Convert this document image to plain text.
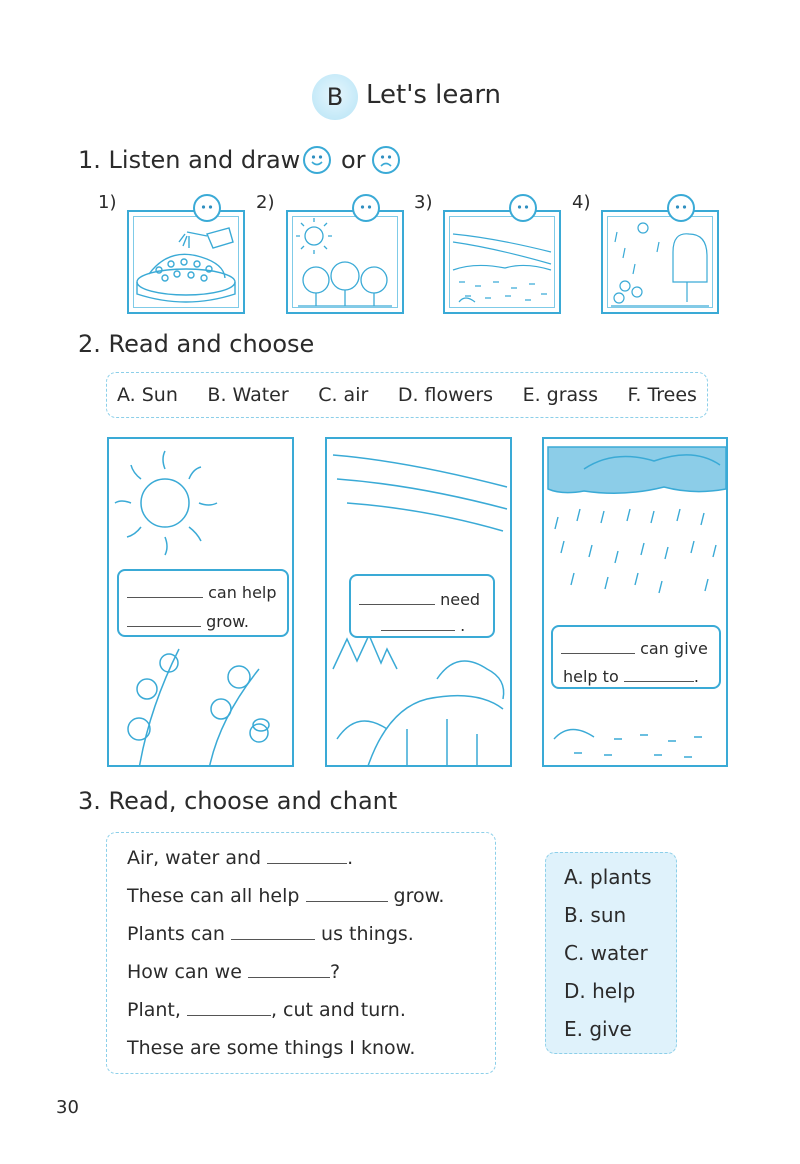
B Let's learn
1. Listen and draw or
1)	2)	3)	4)
2. Read and choose
A. Sun B. Water C. air D. flowers E. grass F. Trees
can help
grow.
need
.
can give
help to	.
3. Read, choose and chant
Air, water and	.
These can all help	grow.
Plants can	us things.
How can we	?
Plant,	, cut and turn.
These are some things I know.
A. plants
B. sun
C. water
D. help
E. give
30
